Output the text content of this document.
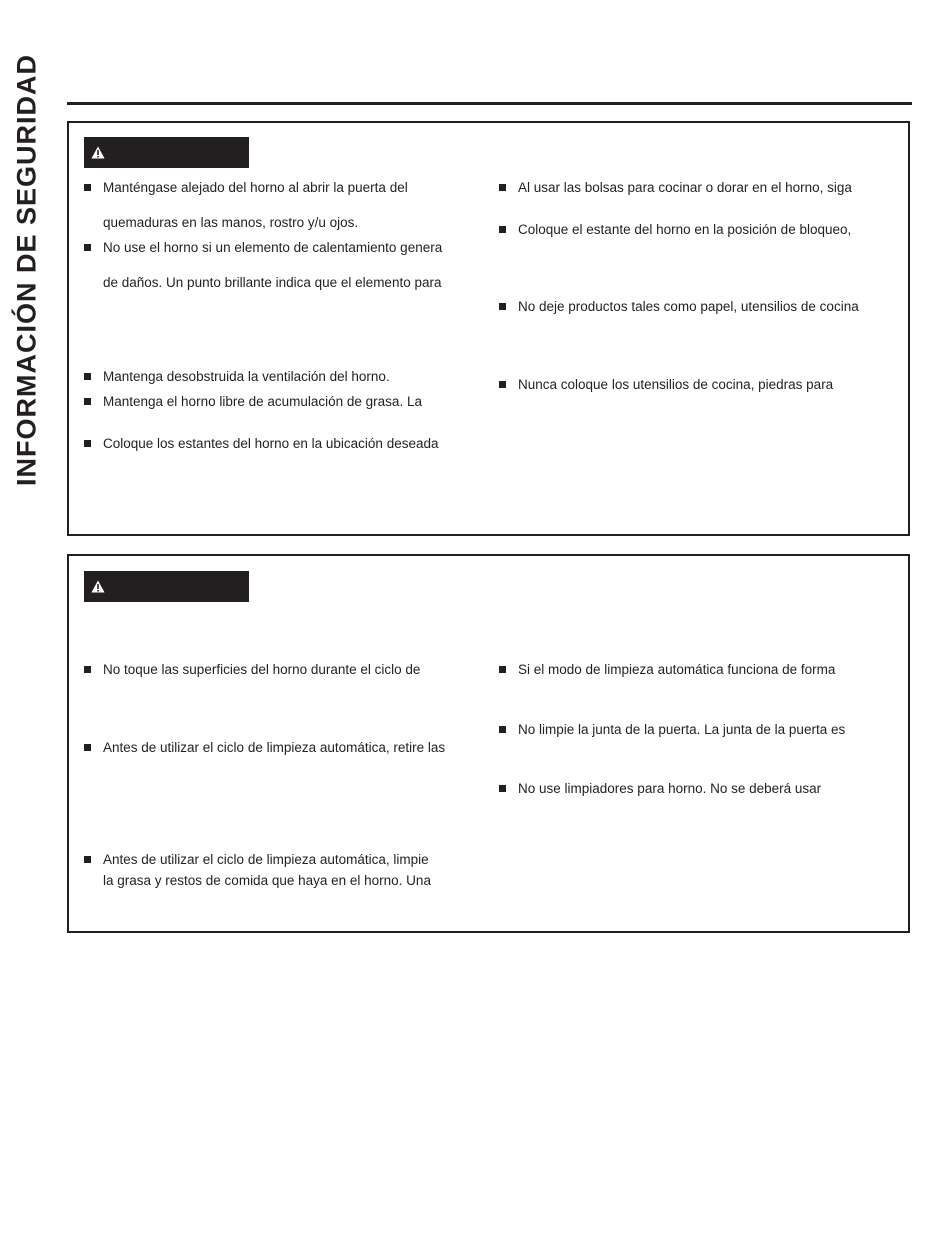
INFORMACIÓN DE SEGURIDAD	Manténgase alejado del horno al abrir la puerta del
quemaduras en las manos, rostro y/u ojos.
No use el horno si un elemento de calentamiento genera
de daños. Un punto brillante indica que el elemento para
Mantenga desobstruida la ventilación del horno.
Mantenga el horno libre de acumulación de grasa. La
Coloque los estantes del horno en la ubicación deseada
Al usar las bolsas para cocinar o dorar en el horno, siga
Coloque el estante del horno en la posición de bloqueo,
No deje productos tales como papel, utensilios de cocina
Nunca coloque los utensilios de cocina, piedras para
No toque las superficies del horno durante el ciclo de
Antes de utilizar el ciclo de limpieza automática, retire las
Antes de utilizar el ciclo de limpieza automática, limpie
la grasa y restos de comida que haya en el horno. Una
Si el modo de limpieza automática funciona de forma
No limpie la junta de la puerta. La junta de la puerta es
No use limpiadores para horno. No se deberá usar
